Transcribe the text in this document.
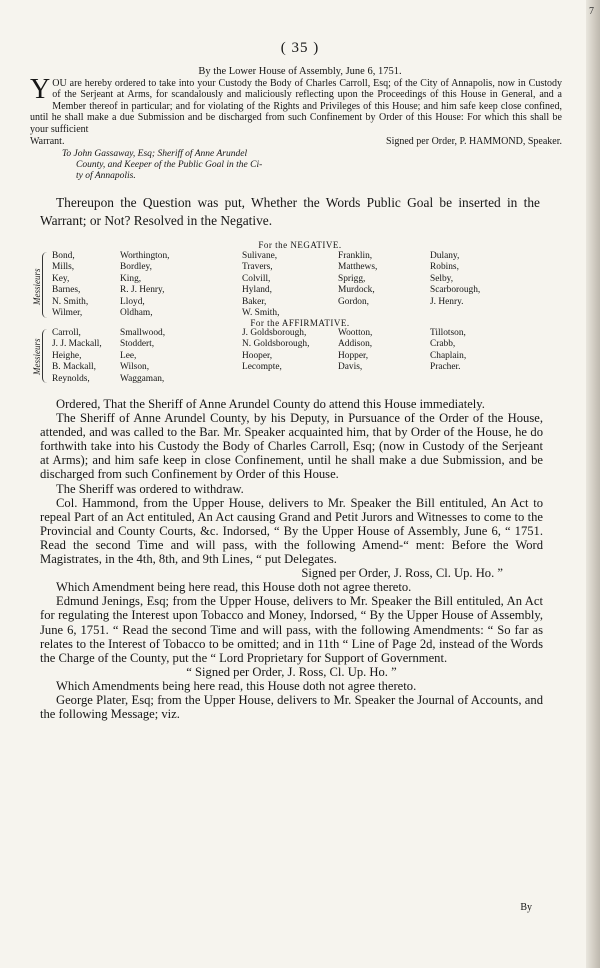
7
( 35 )
By the Lower House of Assembly, June 6, 1751.
Y OU are hereby ordered to take into your Custody the Body of Charles Carroll, Esq; of the City of Annapolis, now in Custody of the Serjeant at Arms, for scandalously and maliciously reflecting upon the Proceedings of this House in General, and a Member thereof in particular; and for violating of the Rights and Privileges of this House; and him safe keep close confined, until he shall make a due Submission and be discharged from such Confinement by Order of this House: For which this shall be your sufficient
Warrant.	Signed per Order, P. HAMMOND, Speaker.
To John Gassaway, Esq; Sheriff of Anne Arundel
County, and Keeper of the Public Goal in the Ci-
ty of Annapolis.
Thereupon the Question was put, Whether the Words Public Goal be inserted in the Warrant; or Not? Resolved in the Negative.
For the NEGATIVE.
Messieurs
Bond,
Mills,
Key,
Barnes,
N. Smith,
Wilmer,
Worthington,
Bordley,
King,
R. J. Henry,
Lloyd,
Oldham,
Sulivane,
Travers,
Colvill,
Hyland,
Baker,
W. Smith,
Franklin,
Matthews,
Sprigg,
Murdock,
Gordon,
Dulany,
Robins,
Selby,
Scarborough,
J. Henry.
For the AFFIRMATIVE.
Messieurs
Carroll,
J. J. Mackall,
Heighe,
B. Mackall,
Reynolds,
Smallwood,
Stoddert,
Lee,
Wilson,
Waggaman,
J. Goldsborough,
N. Goldsborough,
Hooper,
Lecompte,
Wootton,
Addison,
Hopper,
Davis,
Tillotson,
Crabb,
Chaplain,
Pracher.

Ordered, That the Sheriff of Anne Arundel County do attend this House immediately.

The Sheriff of Anne Arundel County, by his Deputy, in Pursuance of the Order of the House, attended, and was called to the Bar. Mr. Speaker acquainted him, that by Order of the House, he do forthwith take into his Custody the Body of Charles Carroll, Esq; (now in Custody of the Serjeant at Arms); and him safe keep in close Confinement, until he shall make a due Submission, and be discharged from such Confinement by Order of this House.

The Sheriff was ordered to withdraw.

Col. Hammond, from the Upper House, delivers to Mr. Speaker the Bill entituled, An Act to repeal Part of an Act entituled, An Act causing Grand and Petit Jurors and Witnesses to come to the Provincial and County Courts, &c. Indorsed, “ By the Upper House of Assembly, June 6, “ 1751. Read the second Time and will pass, with the following Amend-“ ment: Before the Word Magistrates, in the 4th, 8th, and 9th Lines, “ put Delegates.

Signed per Order, J. Ross, Cl. Up. Ho. ”

Which Amendment being here read, this House doth not agree thereto.

Edmund Jenings, Esq; from the Upper House, delivers to Mr. Speaker the Bill entituled, An Act for regulating the Interest upon Tobacco and Money, Indorsed, “ By the Upper House of Assembly, June 6, 1751. “ Read the second Time and will pass, with the following Amendments: “ So far as relates to the Interest of Tobacco to be omitted; and in 11th “ Line of Page 2d, instead of the Words the Charge of the County, put the “ Lord Proprietary for Support of Government.

“ Signed per Order, J. Ross, Cl. Up. Ho. ”

Which Amendments being here read, this House doth not agree thereto.

George Plater, Esq; from the Upper House, delivers to Mr. Speaker the Journal of Accounts, and the following Message; viz.

By
